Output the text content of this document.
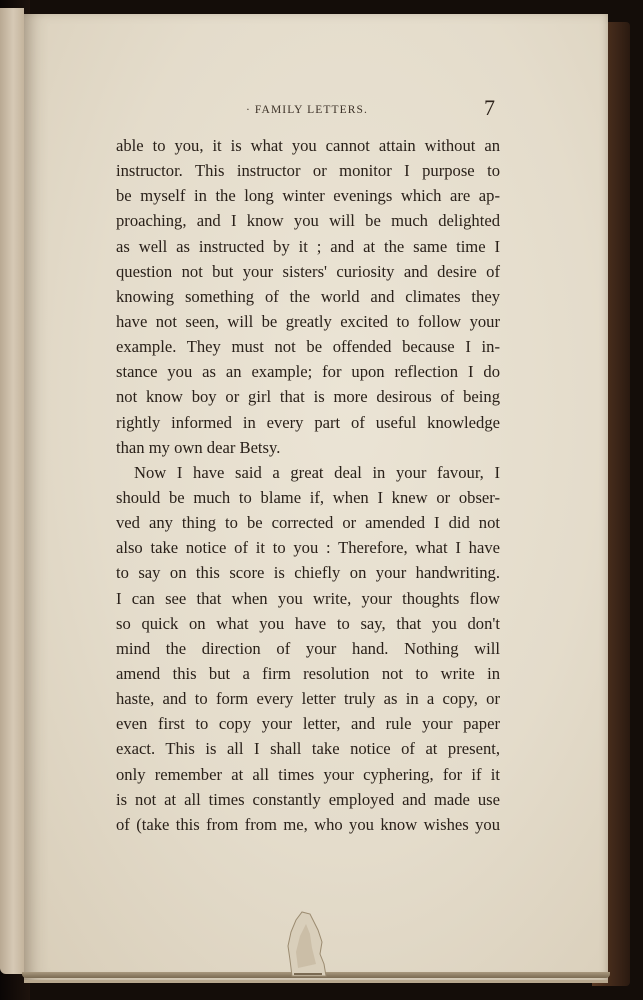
· FAMILY LETTERS.	7
able to you, it is what you cannot attain without an
instructor. This instructor or monitor I purpose to
be myself in the long winter evenings which are ap-
proaching, and I know you will be much delighted
as well as instructed by it ; and at the same time I
question not but your sisters' curiosity and desire of
knowing something of the world and climates they
have not seen, will be greatly excited to follow your
example. They must not be offended because I in-
stance you as an example; for upon reflection I do
not know boy or girl that is more desirous of being
rightly informed in every part of useful knowledge
than my own dear Betsy.
Now I have said a great deal in your favour, I
should be much to blame if, when I knew or obser-
ved any thing to be corrected or amended I did not
also take notice of it to you : Therefore, what I have
to say on this score is chiefly on your handwriting.
I can see that when you write, your thoughts flow
so quick on what you have to say, that you don't
mind the direction of your hand. Nothing will
amend this but a firm resolution not to write in
haste, and to form every letter truly as in a copy, or
even first to copy your letter, and rule your paper
exact. This is all I shall take notice of at present,
only remember at all times your cyphering, for if it
is not at all times constantly employed and made use
of (take this from from me, who you know wishes you
